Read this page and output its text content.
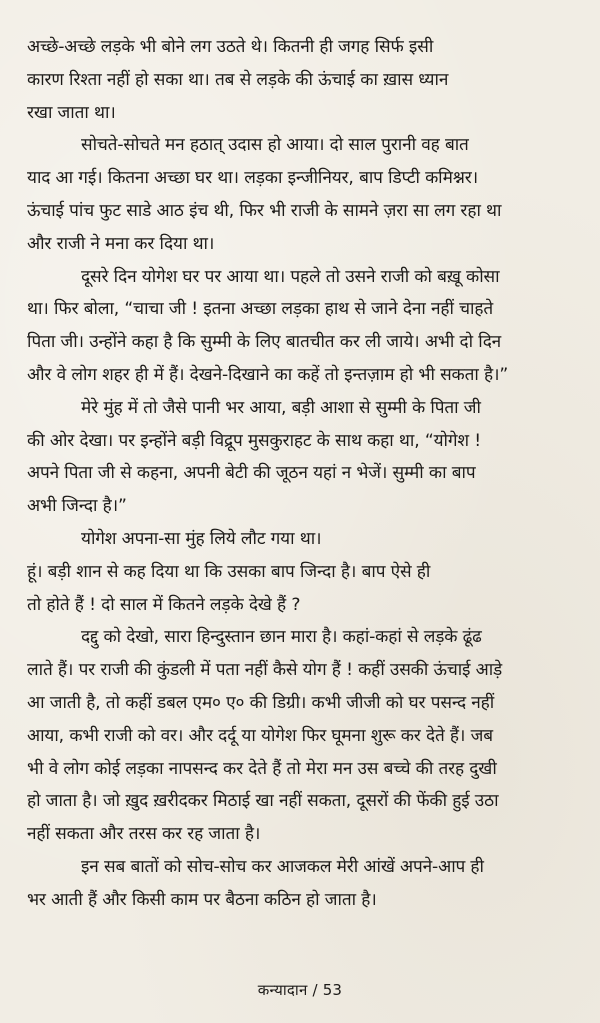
अच्छे-अच्छे लड़के भी बोने लग उठते थे। कितनी ही जगह सिर्फ इसी
कारण रिश्ता नहीं हो सका था। तब से लड़के की ऊंचाई का ख़ास ध्यान
रखा जाता था।
सोचते-सोचते मन हठात् उदास हो आया। दो साल पुरानी वह बात
याद आ गई। कितना अच्छा घर था। लड़का इन्जीनियर, बाप डिप्टी कमिश्नर।
ऊंचाई पांच फुट साडे आठ इंच थी, फिर भी राजी के सामने ज़रा सा लग रहा था
और राजी ने मना कर दिया था।
दूसरे दिन योगेश घर पर आया था। पहले तो उसने राजी को बख़ू कोसा
था। फिर बोला, “चाचा जी ! इतना अच्छा लड़का हाथ से जाने देना नहीं चाहते
पिता जी। उन्होंने कहा है कि सुम्मी के लिए बातचीत कर ली जाये। अभी दो दिन
और वे लोग शहर ही में हैं। देखने-दिखाने का कहें तो इन्तज़ाम हो भी सकता है।”
मेरे मुंह में तो जैसे पानी भर आया, बड़ी आशा से सुम्मी के पिता जी
की ओर देखा। पर इन्होंने बड़ी विद्रूप मुसकुराहट के साथ कहा था, “योगेश !
अपने पिता जी से कहना, अपनी बेटी की जूठन यहां न भेजें। सुम्मी का बाप
अभी जिन्दा है।”
योगेश अपना-सा मुंह लिये लौट गया था।
हूं। बड़ी शान से कह दिया था कि उसका बाप जिन्दा है। बाप ऐसे ही
तो होते हैं ! दो साल में कितने लड़के देखे हैं ?
दद्दु को देखो, सारा हिन्दुस्तान छान मारा है। कहां-कहां से लड़के ढूंढ
लाते हैं। पर राजी की कुंडली में पता नहीं कैसे योग हैं ! कहीं उसकी ऊंचाई आड़े
आ जाती है, तो कहीं डबल एम० ए० की डिग्री। कभी जीजी को घर पसन्द नहीं
आया, कभी राजी को वर। और दर्दू या योगेश फिर घूमना शुरू कर देते हैं। जब
भी वे लोग कोई लड़का नापसन्द कर देते हैं तो मेरा मन उस बच्चे की तरह दुखी
हो जाता है। जो ख़ुद ख़रीदकर मिठाई खा नहीं सकता, दूसरों की फेंकी हुई उठा
नहीं सकता और तरस कर रह जाता है।
इन सब बातों को सोच-सोच कर आजकल मेरी आंखें अपने-आप ही
भर आती हैं और किसी काम पर बैठना कठिन हो जाता है।
कन्यादान / 53
